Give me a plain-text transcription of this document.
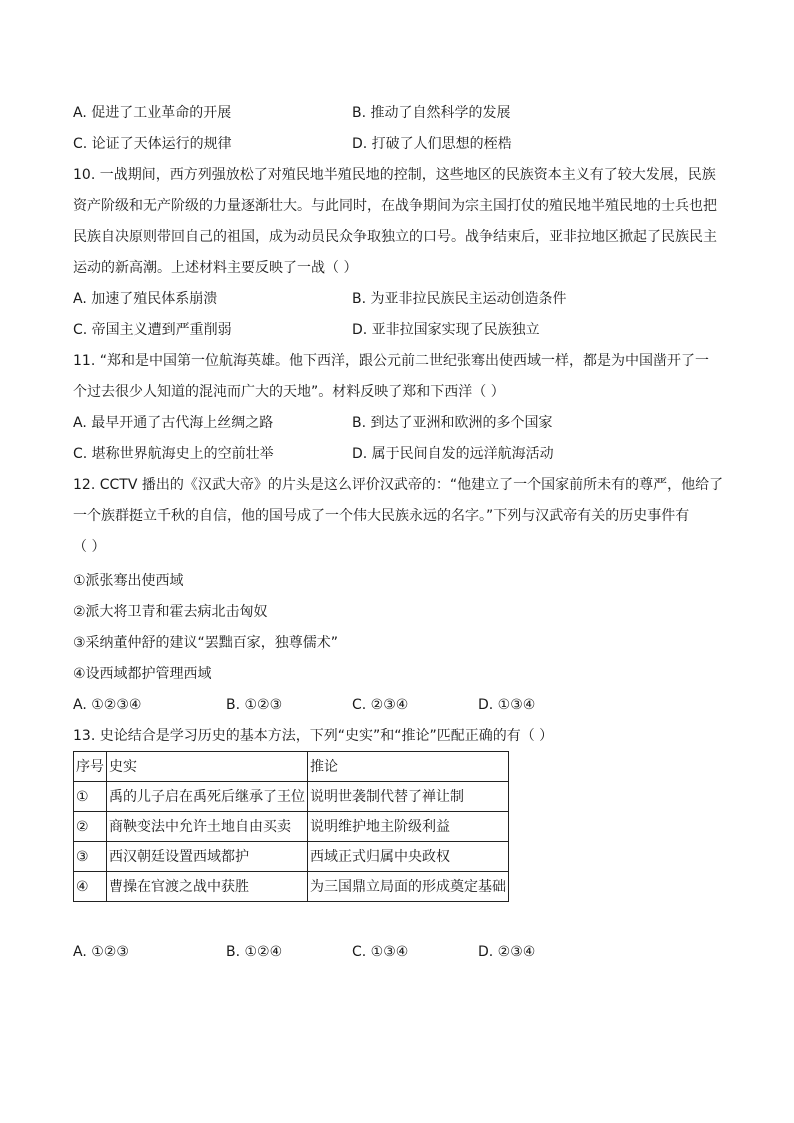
A. 促进了工业革命的开展	B. 推动了自然科学的发展
C. 论证了天体运行的规律	D. 打破了人们思想的桎梏
10. 一战期间，西方列强放松了对殖民地半殖民地的控制，这些地区的民族资本主义有了较大发展，民族
资产阶级和无产阶级的力量逐渐壮大。与此同时，在战争期间为宗主国打仗的殖民地半殖民地的士兵也把
民族自决原则带回自己的祖国，成为动员民众争取独立的口号。战争结束后，亚非拉地区掀起了民族民主
运动的新高潮。上述材料主要反映了一战（ ）
A. 加速了殖民体系崩溃	B. 为亚非拉民族民主运动创造条件
C. 帝国主义遭到严重削弱	D. 亚非拉国家实现了民族独立
11. “郑和是中国第一位航海英雄。他下西洋，跟公元前二世纪张骞出使西域一样，都是为中国凿开了一
个过去很少人知道的混沌而广大的天地”。材料反映了郑和下西洋（ ）
A. 最早开通了古代海上丝绸之路	B. 到达了亚洲和欧洲的多个国家
C. 堪称世界航海史上的空前壮举	D. 属于民间自发的远洋航海活动
12. CCTV 播出的《汉武大帝》的片头是这么评价汉武帝的：“他建立了一个国家前所未有的尊严，他给了
一个族群挺立千秋的自信，他的国号成了一个伟大民族永远的名字。”下列与汉武帝有关的历史事件有
（ ）
①派张骞出使西域
②派大将卫青和霍去病北击匈奴
③采纳董仲舒的建议“罢黜百家，独尊儒术”
④设西域都护管理西域
A. ①②③④	B. ①②③	C. ②③④	D. ①③④
13. 史论结合是学习历史的基本方法，下列“史实”和“推论”匹配正确的有（ ）
序号	史实	推论
①	禹的儿子启在禹死后继承了王位	说明世袭制代替了禅让制
②	商鞅变法中允许土地自由买卖	说明维护地主阶级利益
③	西汉朝廷设置西域都护	西域正式归属中央政权
④	曹操在官渡之战中获胜	为三国鼎立局面的形成奠定基础
A. ①②③	B. ①②④	C. ①③④	D. ②③④
